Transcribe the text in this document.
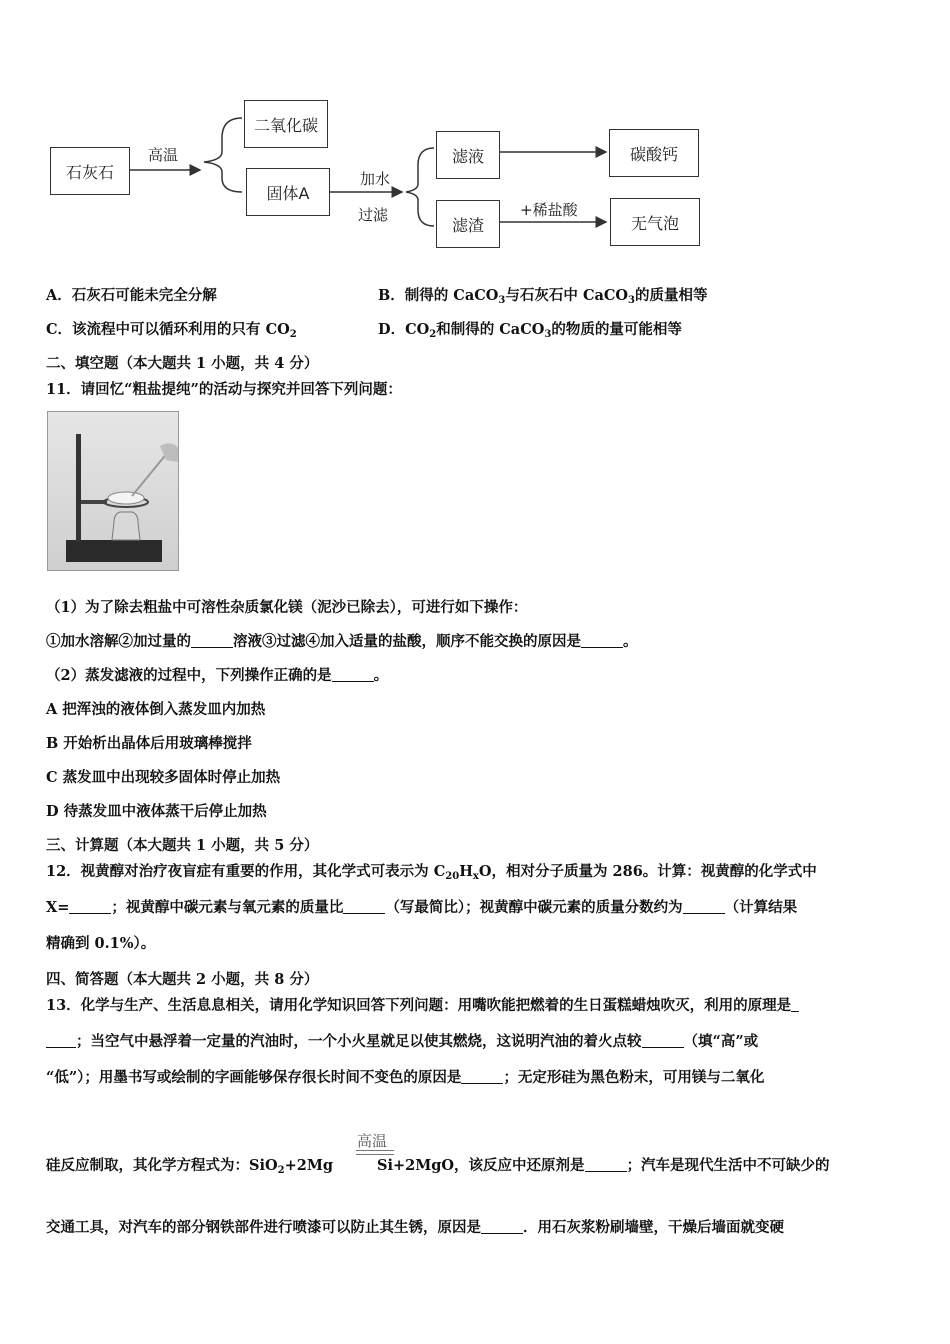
石灰石
高温
二氧化碳
固体A
加水
过滤
滤液
滤渣
碳酸钙
+稀盐酸
无气泡
A．石灰石可能未完全分解	B．制得的 CaCO$_3$与石灰石中 CaCO$_3$的质量相等
C．该流程中可以循环利用的只有 $CO_2$	D．$CO_2$和制得的 CaCO$_3$的物质的量可能相等
二、填空题（本大题共 1 小题，共 4 分）
11．请回忆“粗盐提纯”的活动与探究并回答下列问题：
（1）为了除去粗盐中可溶性杂质氯化镁（泥沙已除去），可进行如下操作：
①加水溶解②加过量的	溶液③过滤④加入适量的盐酸，顺序不能交换的原因是	。
（2）蒸发滤液的过程中，下列操作正确的是	。
A 把浑浊的液体倒入蒸发皿内加热
B 开始析出晶体后用玻璃棒搅拌
C 蒸发皿中出现较多固体时停止加热
D 待蒸发皿中液体蒸干后停止加热
三、计算题（本大题共 1 小题，共 5 分）
12．视黄醇对治疗夜盲症有重要的作用，其化学式可表示为 $C_{20}H_xO$，相对分子质量为 286。计算：视黄醇的化学式中
X=	；视黄醇中碳元素与氧元素的质量比	（写最简比）；视黄醇中碳元素的质量分数约为	（计算结果
精确到 0.1%）。
四、简答题（本大题共 2 小题，共 8 分）
13．化学与生产、生活息息相关，请用化学知识回答下列问题：用嘴吹能把燃着的生日蛋糕蜡烛吹灭，利用的原理是
；当空气中悬浮着一定量的汽油时，一个小火星就足以使其燃烧，这说明汽油的着火点较	（填“高”或
“低”）；用墨书写或绘制的字画能够保存很长时间不变色的原因是	；无定形硅为黑色粉末，可用镁与二氧化
高温
硅反应制取，其化学方程式为：SiO$_2$+2Mg	Si+2MgO，该反应中还原剂是	；汽车是现代生活中不可缺少的
交通工具，对汽车的部分钢铁部件进行喷漆可以防止其生锈，原因是	．用石灰浆粉刷墙壁，干燥后墙面就变硬
